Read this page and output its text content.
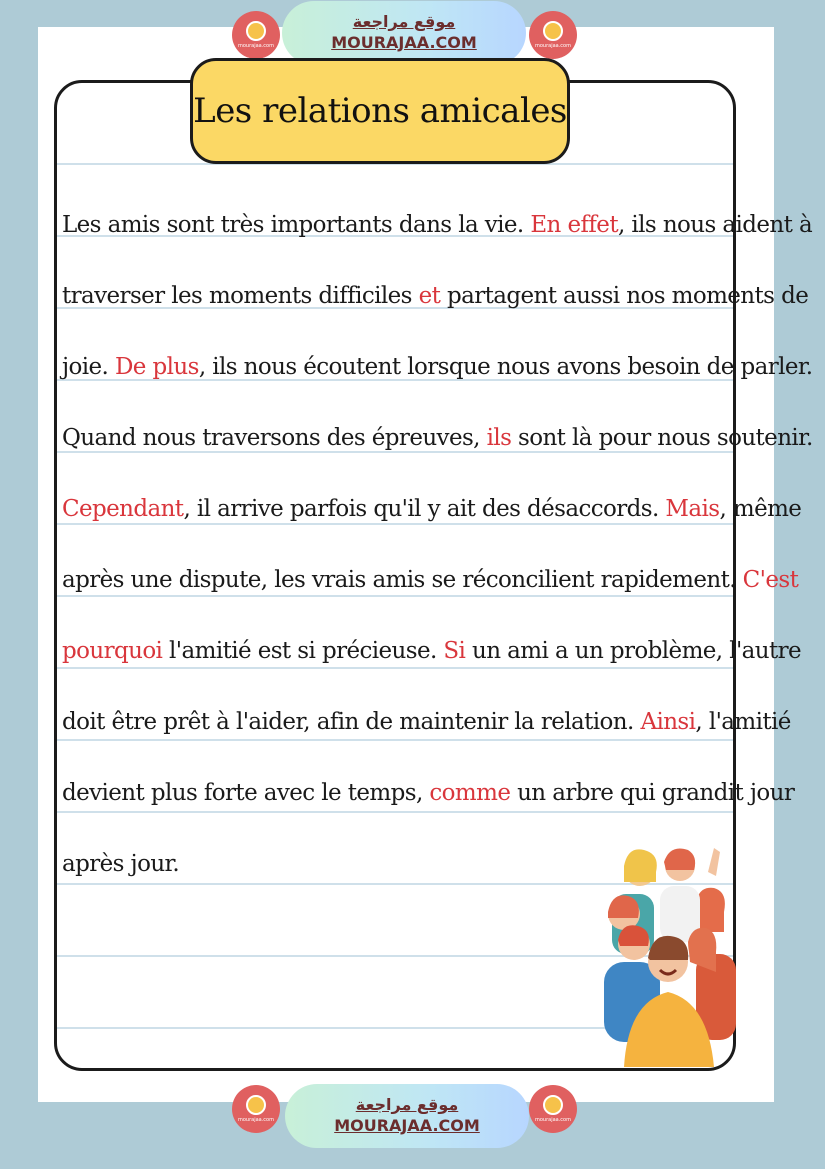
mourajaa.com
موقع مراجعة
MOURAJAA.COM	mourajaa.com
Les relations amicales
Les amis sont très importants dans la vie. En effet, ils nous aident à
traverser les moments difficiles et partagent aussi nos moments de
joie. De plus, ils nous écoutent lorsque nous avons besoin de parler.
Quand nous traversons des épreuves, ils sont là pour nous soutenir.
Cependant, il arrive parfois qu'il y ait des désaccords. Mais, même
après une dispute, les vrais amis se réconcilient rapidement. C'est
pourquoi l'amitié est si précieuse. Si un ami a un problème, l'autre
doit être prêt à l'aider, afin de maintenir la relation. Ainsi, l'amitié
devient plus forte avec le temps, comme un arbre qui grandit jour
après jour.
mourajaa.com
موقع مراجعة
MOURAJAA.COM	mourajaa.com
